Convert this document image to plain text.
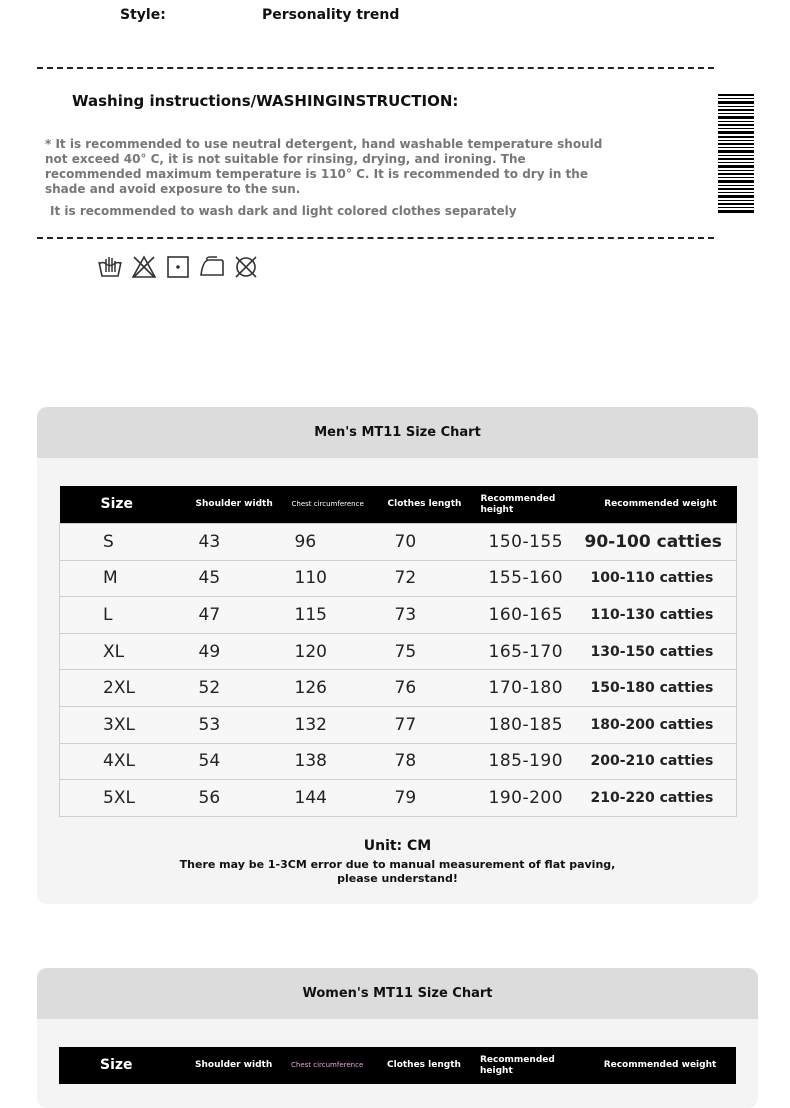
Style:	Personality trend
Washing instructions/WASHINGINSTRUCTION:
* It is recommended to use neutral detergent, hand washable temperature should not exceed 40° C, it is not suitable for rinsing, drying, and ironing. The recommended maximum temperature is 110° C. It is recommended to dry in the shade and avoid exposure to the sun.
It is recommended to wash dark and light colored clothes separately
Men's MT11 Size Chart
Size	Shoulder width	Chest circumference	Clothes length	Recommended height	Recommended weight
S	43	96	70	150-155	90-100 catties
M	45	110	72	155-160	100-110 catties
L	47	115	73	160-165	110-130 catties
XL	49	120	75	165-170	130-150 catties
2XL	52	126	76	170-180	150-180 catties
3XL	53	132	77	180-185	180-200 catties
4XL	54	138	78	185-190	200-210 catties
5XL	56	144	79	190-200	210-220 catties
Unit: CM
There may be 1-3CM error due to manual measurement of flat paving, please understand!
Women's MT11 Size Chart
Size	Shoulder width	Chest circumference	Clothes length	Recommended height	Recommended weight
